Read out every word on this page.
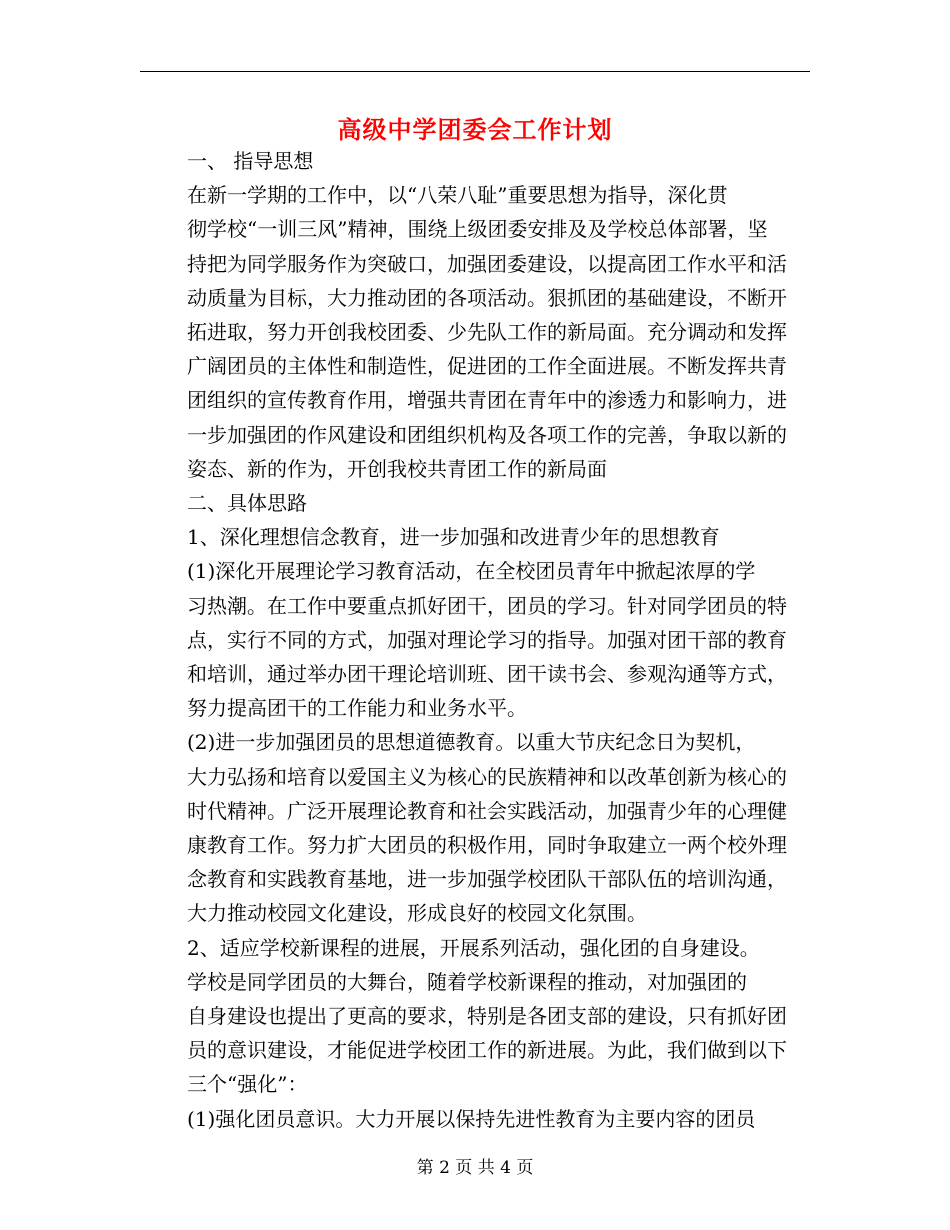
高级中学团委会工作计划

一、 指导思想

在新一学期的工作中，以“八荣八耻”重要思想为指导，深化贯
彻学校“一训三风”精神，围绕上级团委安排及及学校总体部署，坚
持把为同学服务作为突破口，加强团委建设，以提高团工作水平和活
动质量为目标，大力推动团的各项活动。狠抓团的基础建设，不断开
拓进取，努力开创我校团委、少先队工作的新局面。充分调动和发挥
广阔团员的主体性和制造性，促进团的工作全面进展。不断发挥共青
团组织的宣传教育作用，增强共青团在青年中的渗透力和影响力，进
一步加强团的作风建设和团组织机构及各项工作的完善，争取以新的
姿态、新的作为，开创我校共青团工作的新局面

二、具体思路

1、深化理想信念教育，进一步加强和改进青少年的思想教育

(1)深化开展理论学习教育活动，在全校团员青年中掀起浓厚的学
习热潮。在工作中要重点抓好团干，团员的学习。针对同学团员的特
点，实行不同的方式，加强对理论学习的指导。加强对团干部的教育
和培训，通过举办团干理论培训班、团干读书会、参观沟通等方式，
努力提高团干的工作能力和业务水平。

(2)进一步加强团员的思想道德教育。以重大节庆纪念日为契机，
大力弘扬和培育以爱国主义为核心的民族精神和以改革创新为核心的
时代精神。广泛开展理论教育和社会实践活动，加强青少年的心理健
康教育工作。努力扩大团员的积极作用，同时争取建立一两个校外理
念教育和实践教育基地，进一步加强学校团队干部队伍的培训沟通，
大力推动校园文化建设，形成良好的校园文化氛围。

2、适应学校新课程的进展，开展系列活动，强化团的自身建设。

学校是同学团员的大舞台，随着学校新课程的推动，对加强团的
自身建设也提出了更高的要求，特别是各团支部的建设，只有抓好团
员的意识建设，才能促进学校团工作的新进展。为此，我们做到以下
三个“强化”：

(1)强化团员意识。大力开展以保持先进性教育为主要内容的团员

第 2 页 共 4 页
